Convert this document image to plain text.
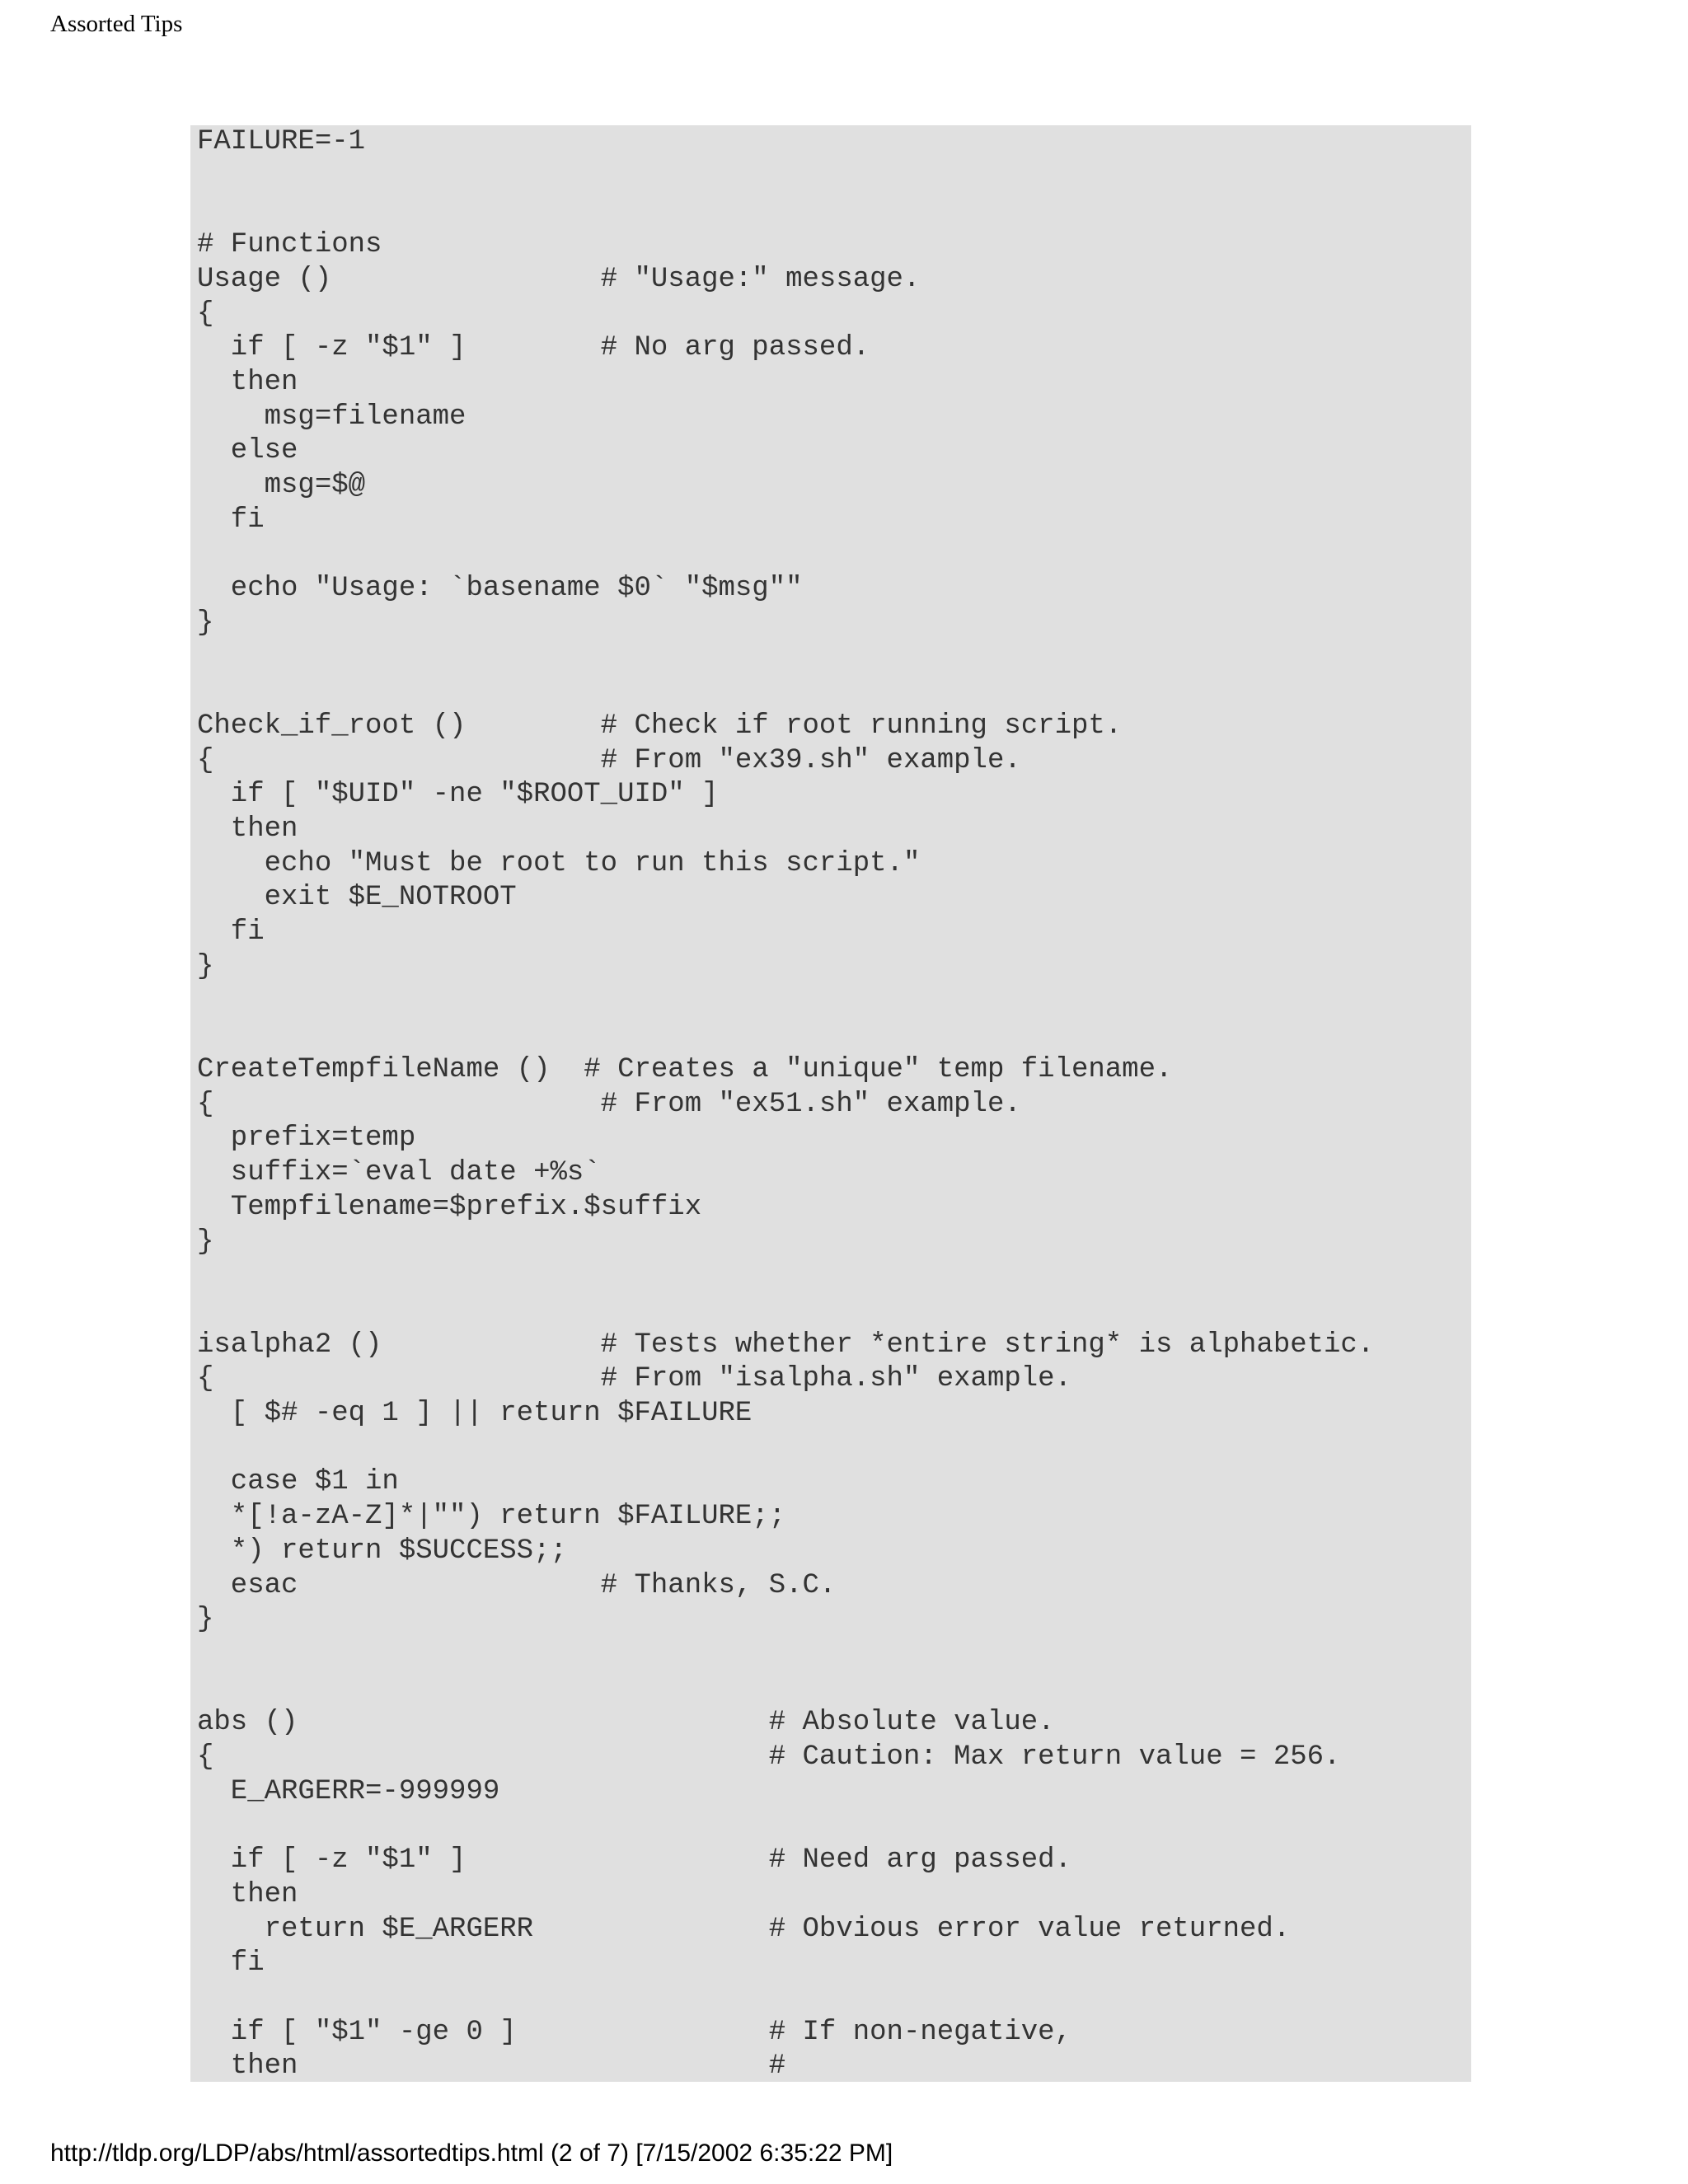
Assorted Tips
FAILURE=-1

# Functions
Usage ()                # "Usage:" message.
{
if [ -z "$1" ]        # No arg passed.
then
msg=filename
else
msg=$@
fi

echo "Usage: `basename $0` "$msg""
}

Check_if_root ()        # Check if root running script.
{                       # From "ex39.sh" example.
if [ "$UID" -ne "$ROOT_UID" ]
then
echo "Must be root to run this script."
exit $E_NOTROOT
fi
}

CreateTempfileName ()  # Creates a "unique" temp filename.
{                       # From "ex51.sh" example.
prefix=temp
suffix=`eval date +%s`
Tempfilename=$prefix.$suffix
}

isalpha2 ()             # Tests whether *entire string* is alphabetic.
{                       # From "isalpha.sh" example.
[ $# -eq 1 ] || return $FAILURE

case $1 in
*[!a-zA-Z]*|"") return $FAILURE;;
*) return $SUCCESS;;
esac                  # Thanks, S.C.
}

abs ()                            # Absolute value.
{                                 # Caution: Max return value = 256.
E_ARGERR=-999999

if [ -z "$1" ]                  # Need arg passed.
then
return $E_ARGERR              # Obvious error value returned.
fi

if [ "$1" -ge 0 ]               # If non-negative,
then                            #
http://tldp.org/LDP/abs/html/assortedtips.html (2 of 7) [7/15/2002 6:35:22 PM]
